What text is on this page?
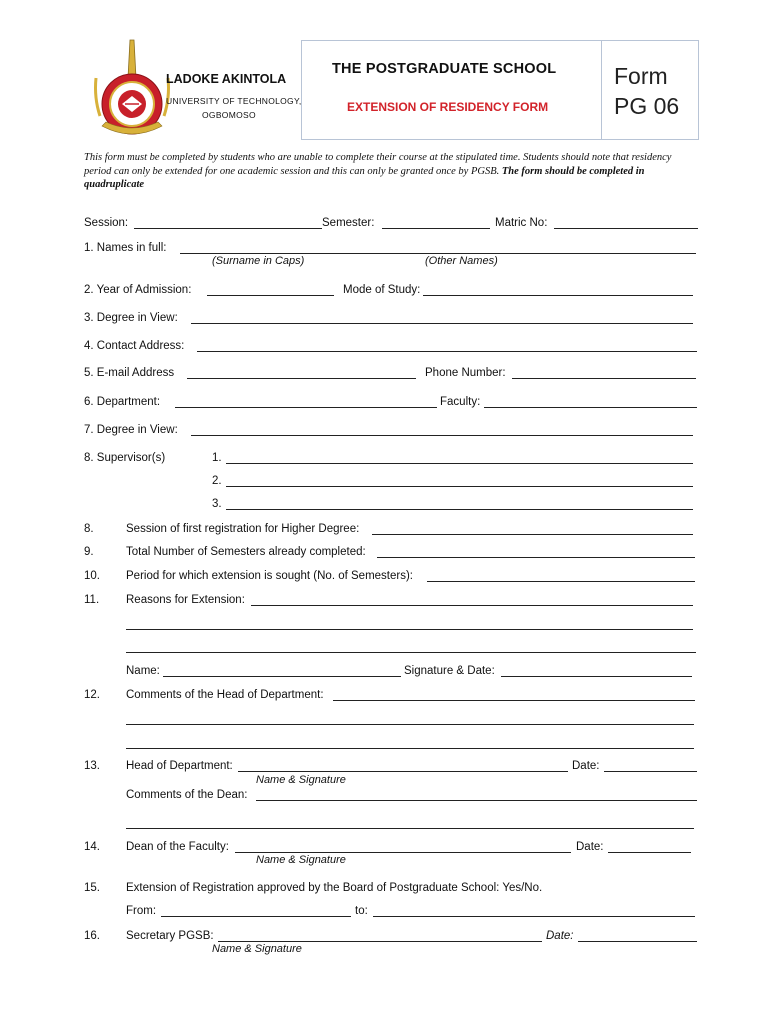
LADOKE AKINTOLA
UNIVERSITY OF TECHNOLOGY,
OGBOMOSO
THE POSTGRADUATE SCHOOL
EXTENSION OF RESIDENCY FORM
Form
PG 06
This form must be completed by students who are unable to complete their course at the stipulated time. Students should note that residency period can only be extended for one academic session and this can only be granted once by PGSB. The form should be completed in quadruplicate
Session:	Semester:	Matric No:
1. Names in full:
(Surname in Caps)	(Other Names)
2. Year of Admission:	Mode of Study:
3. Degree in View:
4. Contact Address:
5. E-mail Address	Phone Number:
6. Department:	Faculty:
7. Degree in View:
8. Supervisor(s)	1.
2.
3.
8.	Session of first registration for Higher Degree:
9.	Total Number of Semesters already completed:
10. Period for which extension is sought (No. of Semesters):
11. Reasons for Extension:
Name:	Signature & Date:
12. Comments of the Head of Department:
13. Head of Department:	Date:
Name & Signature
Comments of the Dean:
14. Dean of the Faculty:	Date:
Name & Signature
15. Extension of Registration approved by the Board of Postgraduate School: Yes/No.
From:	to:
16. Secretary PGSB:	Date:
Name & Signature
